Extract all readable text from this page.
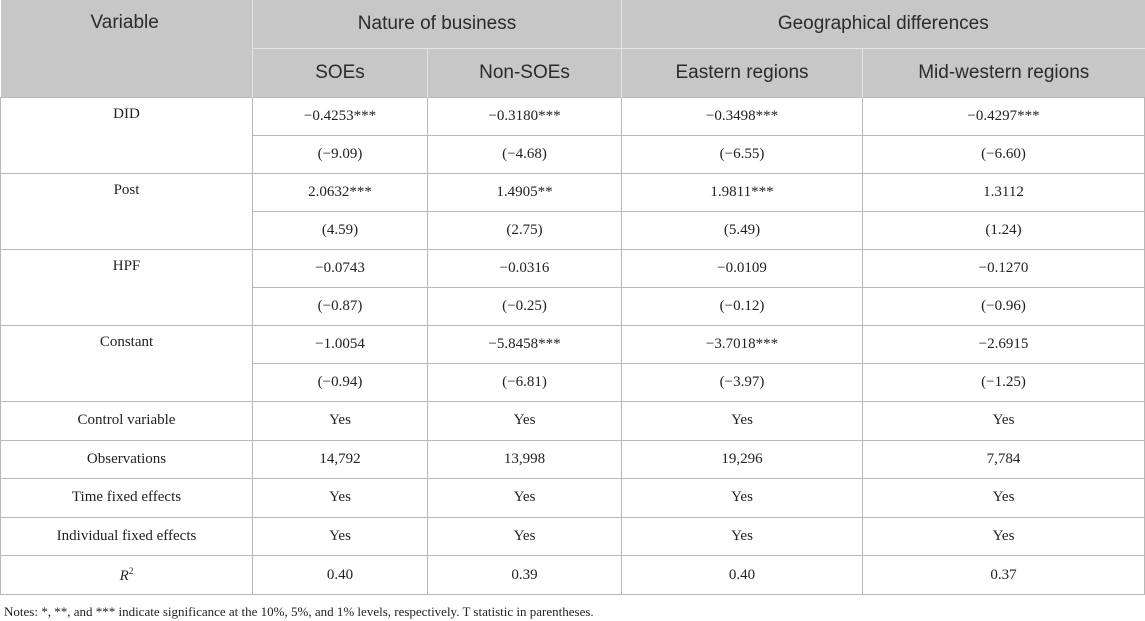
Variable	Nature of business		Geographical differences	
	SOEs	Non-SOEs	Eastern regions	Mid-western regions
DID	−0.4253***	−0.3180***	−0.3498***	−0.4297***
	(−9.09)	(−4.68)	(−6.55)	(−6.60)
Post	2.0632***	1.4905**	1.9811***	1.3112
	(4.59)	(2.75)	(5.49)	(1.24)
HPF	−0.0743	−0.0316	−0.0109	−0.1270
	(−0.87)	(−0.25)	(−0.12)	(−0.96)
Constant	−1.0054	−5.8458***	−3.7018***	−2.6915
	(−0.94)	(−6.81)	(−3.97)	(−1.25)
Control variable	Yes	Yes	Yes	Yes
Observations	14,792	13,998	19,296	7,784
Time fixed effects	Yes	Yes	Yes	Yes
Individual fixed effects	Yes	Yes	Yes	Yes
$R^2$	0.40	0.39	0.40	0.37
Notes: *, **, and *** indicate significance at the 10%, 5%, and 1% levels, respectively. T statistic in parentheses.
